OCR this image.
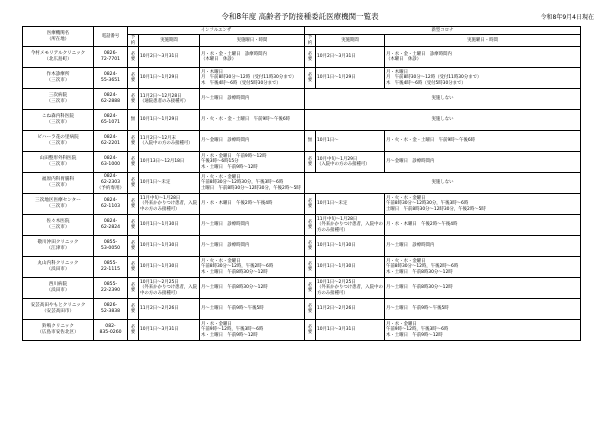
令和8年度 高齢者予防接種委託医療機関一覧表	令和8年9月4日現在
医療機関名
（所在地）	電話番号	インフルエンザ			新型コロナ		
		予約	実施期間	実施曜日・時間	予約	実施期間	実施曜日・時間
今村メモリアルクリニック
（北広島町）	0826-
72-7701	必要	10月2日～3月31日	月・水・金・土曜日　診療時間内
（木曜日　休診）	必要	10月2日～3月31日	月・水・金・土曜日　診療時間内
（木曜日　休診）
作木診療所
（三次市）	0824-
55-3651	必要	10月1日～1月29日	月・木曜日
月　午前8時30分～12時（受付11時30分まで）
木　午後4時～6時（受付5時30分まで）	必要	10月1日～1月29日	月・木曜日
月　午前8時30分～12時（受付11時30分まで）
木　午後4時～6時（受付5時30分まで）
三次病院
（三次市）	0824-
62-2888	必要	11月2日～12月28日
（通院患者のみ接種可）	月～土曜日　診療時間内	実施しない		
こね森内科医院
（三次市）	0824-
65-1071	無	10月1日～1月29日	月・火・水・金・土曜日　午前9時～午後6時	実施しない		
ビハーラ花の里病院
（三次市）	0824-
62-2201	必要	11月2日～12月末
（入院中の方のみ接種可）	月～金曜日　診療時間内	無	10月1日～	月・火・水・金・土曜日　午前9時～午後6時
山田整形外科医院
（三次市）	0824-
63-1000	必要	10月13日～12月18日	月・水・金曜日　午前9時～12時
午後3時～6時15分
木・土曜日　午前9時～12時	必要	10月中旬～1月29日
（入院中の方のみ接種可）	月～金曜日　診療時間内
福原内科胃腸科
（三次市）	0824-
62-2303
（予約専用）	必要	10月1日～未定	月・火・水・金曜日
午前8時30分～12時30分，午後3時～6時
土曜日　午前8時30分～12時30分，午後2時～5時	実施しない		
三次地区医療センター
（三次市）	0824-
62-1103	必要	11月中旬～1月28日
（外来かかりつけ患者，入院中の方のみ接種可）	月・水・木曜日　午後2時～午後4時	必要	10月1日～未定	月・火・水・金曜日
午前8時30分～12時30分，午後3時～6時
土曜日　午前8時30分～12時30分，午後2時～5時
佐々木医院
（三次市）	0824-
62-2824	必要	10月1日～1月30日	月～土曜日　診療時間内	必要	11月中旬～1月28日
（外来かかりつけ患者，入院中の方のみ接種可）	月・水・木曜日　午後2時～午後4時
敬川沖田クリニック
（江津市）	0855-
53-0050	必要	10月1日～1月30日	月～土曜日　診療時間内	必要	10月1日～1月30日	月～土曜日　診療時間内
丸山内科クリニック
（浜田市）	0855-
22-1115	必要	10月1日～1月30日	月・火・水・金曜日
午前8時30分～12時，午後2時～6時
木・土曜日　午前8時30分～12時	必要	10月1日～1月30日	月・火・水・金曜日
午前8時30分～12時，午後2時～6時
木・土曜日　午前8時30分～12時
西川病院
（浜田市）	0855-
22-2390	必要	10月1日～2月25日
（外来かかりつけ患者，入院中の方のみ接種可）	月～土曜日　午前8時30分～12時	必要	10月1日～2月25日
（外来かかりつけ患者，入院中の方のみ接種可）	月～土曜日　午前8時30分～12時
安芸高田やもとクリニック
（安芸高田市）	0826-
52-3838	必要	11月2日～2月26日	月～土曜日　午前9時～午後5時	必要	11月2日～2月26日	月～土曜日　午前9時～午後5時
鈴鳴クリニック
（広島市安佐北区）	082-
835-0260	必要	10月1日～3月31日	月・水・金曜日
午前9時～12時，午後3時～6時
木・土曜日　午前9時～12時	必要	10月1日～3月31日	月・水・金曜日
午前9時～12時，午後3時～6時
木・土曜日　午前9時～12時
